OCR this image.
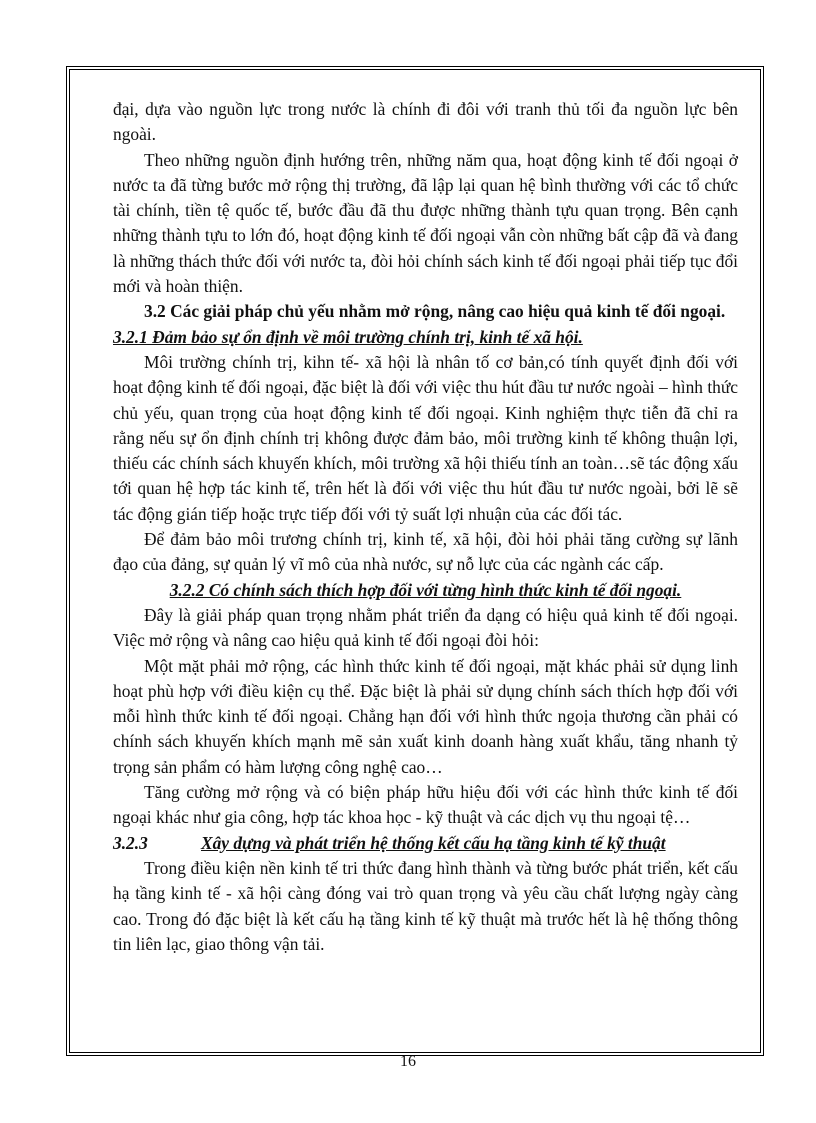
đại, dựa vào nguồn lực trong nước là chính đi đôi với tranh thủ tối đa nguồn lực bên ngoài.

Theo những nguồn định hướng trên, những năm qua, hoạt động kinh tế đối ngoại ở nước ta đã từng bước mở rộng thị trường, đã lập lại quan hệ bình thường với các tổ chức tài chính, tiền tệ quốc tế, bước đầu đã thu được những thành tựu quan trọng. Bên cạnh những thành tựu to lớn đó, hoạt động kinh tế đối ngoại vẫn còn những bất cập đã và đang là những thách thức đối với nước ta, đòi hỏi chính sách kinh tế đối ngoại phải tiếp tục đổi mới và hoàn thiện.

3.2 Các giải pháp chủ yếu nhằm mở rộng, nâng cao hiệu quả kinh tế đối ngoại.

3.2.1 Đảm bảo sự ổn định về môi trường chính trị, kinh tế xã hội.

Môi trường chính trị, kihn tế- xã hội là nhân tố cơ bản,có tính quyết định đối với hoạt động kinh tế đối ngoại, đặc biệt là đối với việc thu hút đầu tư nước ngoài – hình thức chủ yếu, quan trọng của hoạt động kinh tế đối ngoại. Kinh nghiệm thực tiễn đã chỉ ra rằng nếu sự ổn định chính trị không được đảm bảo, môi trường kinh tế không thuận lợi, thiếu các chính sách khuyến khích, môi trường xã hội thiếu tính an toàn…sẽ tác động xấu tới quan hệ hợp tác kinh tế, trên hết là đối với việc thu hút đầu tư nước ngoài, bởi lẽ sẽ tác động gián tiếp hoặc trực tiếp đối với tỷ suất lợi nhuận của các đối tác.

Để đảm bảo môi trương chính trị, kinh tế, xã hội, đòi hỏi phải tăng cường sự lãnh đạo của đảng, sự quản lý vĩ mô của nhà nước, sự nỗ lực của các ngành các cấp.

3.2.2 Có chính sách thích hợp đối với từng hình thức kinh tế đối ngoại.

Đây là giải pháp quan trọng nhằm phát triển đa dạng có hiệu quả kinh tế đối ngoại. Việc mở rộng và nâng cao hiệu quả kinh tế đối ngoại đòi hỏi:

Một mặt phải mở rộng, các hình thức kinh tế đối ngoại, mặt khác phải sử dụng linh hoạt phù hợp với điều kiện cụ thể. Đặc biệt là phải sử dụng chính sách thích hợp đối với mỗi hình thức kinh tế đối ngoại. Chẳng hạn đối với hình thức ngoịa thương cần phải có chính sách khuyến khích mạnh mẽ sản xuất kinh doanh hàng xuất khẩu, tăng nhanh tỷ trọng sản phẩm có hàm lượng công nghệ cao…

Tăng cường mở rộng và có biện pháp hữu hiệu đối với các hình thức kinh tế đối ngoại khác như gia công, hợp tác khoa học - kỹ thuật và các dịch vụ thu ngoại tệ…

3.2.3	Xây dựng và phát triển hệ thống kết cấu hạ tầng kinh tế kỹ thuật

Trong điều kiện nền kinh tế tri thức đang hình thành và từng bước phát triển, kết cấu hạ tầng kinh tế - xã hội càng đóng vai trò quan trọng và yêu cầu chất lượng ngày càng cao. Trong đó đặc biệt là kết cấu hạ tầng kinh tế kỹ thuật mà trước hết là hệ thống thông tin liên lạc, giao thông vận tải.

16
